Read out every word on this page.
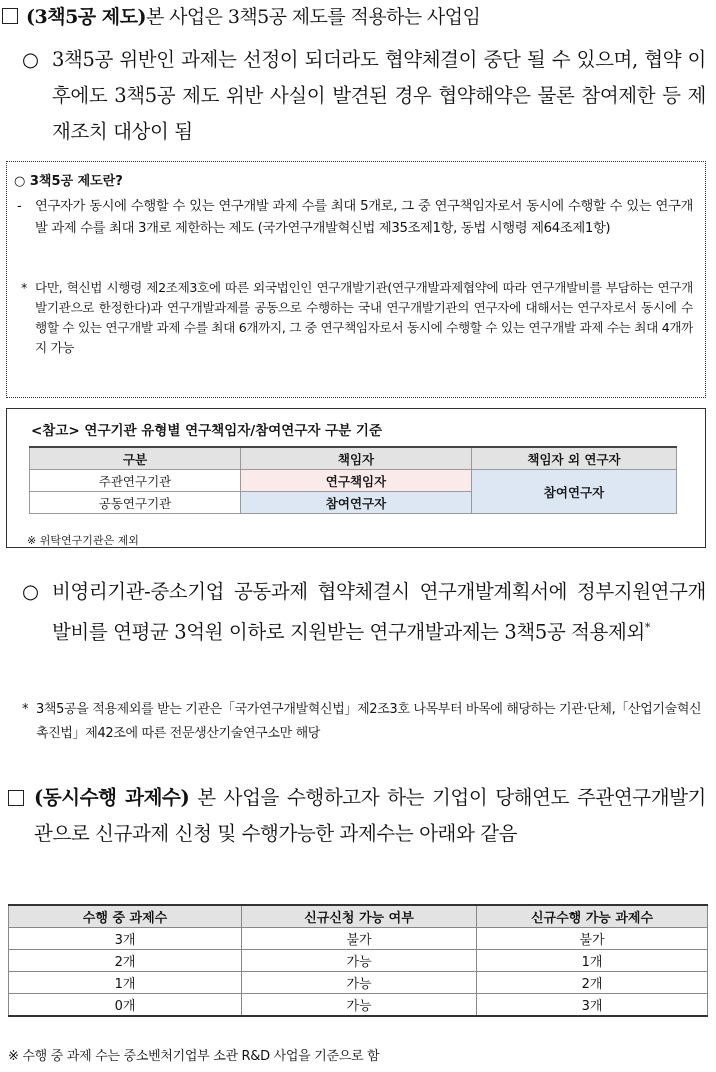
(3책5공 제도) 본 사업은 3책5공 제도를 적용하는 사업임
○ 3책5공 위반인 과제는 선정이 되더라도 협약체결이 중단 될 수 있으며, 협약 이후에도 3책5공 제도 위반 사실이 발견된 경우 협약해약은 물론 참여제한 등 제재조치 대상이 됨
○ 3책5공 제도란?
-	연구자가 동시에 수행할 수 있는 연구개발 과제 수를 최대 5개로, 그 중 연구책임자로서 동시에 수행할 수 있는 연구개발 과제 수를 최대 3개로 제한하는 제도 (국가연구개발혁신법 제35조제1항, 동법 시행령 제64조제1항)
* 다만, 혁신법 시행령 제2조제3호에 따른 외국법인인 연구개발기관(연구개발과제협약에 따라 연구개발비를 부담하는 연구개발기관으로 한정한다)과 연구개발과제를 공동으로 수행하는 국내 연구개발기관의 연구자에 대해서는 연구자로서 동시에 수행할 수 있는 연구개발 과제 수를 최대 6개까지, 그 중 연구책임자로서 동시에 수행할 수 있는 연구개발 과제 수는 최대 4개까지 가능
<참고> 연구기관 유형별 연구책임자/참여연구자 구분 기준
구분	책임자	책임자 외 연구자
주관연구기관	연구책임자	참여연구자
공동연구기관	참여연구자	
※ 위탁연구기관은 제외
○ 비영리기관-중소기업 공동과제 협약체결시 연구개발계획서에 정부지원연구개발비를 연평균 3억원 이하로 지원받는 연구개발과제는 3책5공 적용제외*
* 3책5공을 적용제외를 받는 기관은「국가연구개발혁신법」제2조3호 나목부터 바목에 해당하는 기관·단체,「산업기술혁신 촉진법」제42조에 따른 전문생산기술연구소만 해당
(동시수행 과제수) 본 사업을 수행하고자 하는 기업이 당해연도 주관연구개발기관으로 신규과제 신청 및 수행가능한 과제수는 아래와 같음
수행 중 과제수	신규신청 가능 여부	신규수행 가능 과제수
3개	불가	불가
2개	가능	1개
1개	가능	2개
0개	가능	3개
※ 수행 중 과제 수는 중소벤처기업부 소관 R&D 사업을 기준으로 함
